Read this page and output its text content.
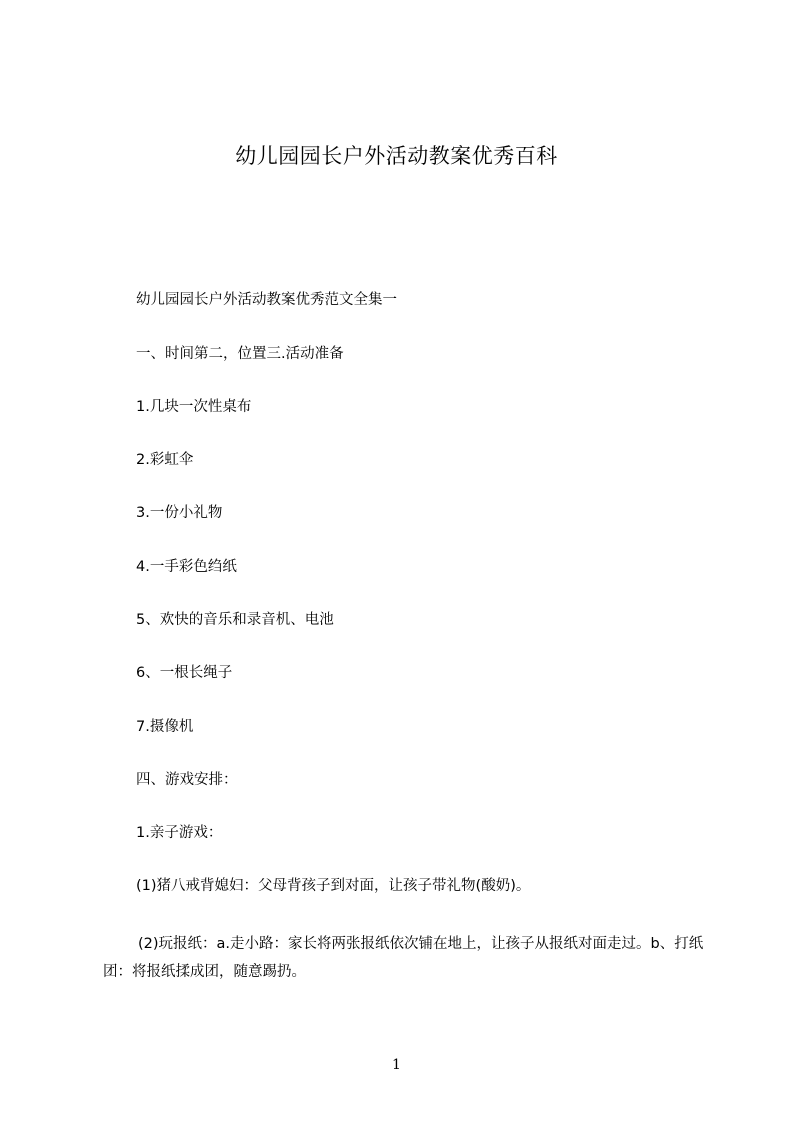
幼儿园园长户外活动教案优秀百科
幼儿园园长户外活动教案优秀范文全集一
一、时间第二，位置三.活动准备
1.几块一次性桌布
2.彩虹伞
3.一份小礼物
4.一手彩色绉纸
5、欢快的音乐和录音机、电池
6、一根长绳子
7.摄像机
四、游戏安排：
1.亲子游戏：
(1)猪八戒背媳妇：父母背孩子到对面，让孩子带礼物(酸奶)。
(2)玩报纸：a.走小路：家长将两张报纸依次铺在地上，让孩子从报纸对面走过。b、打纸团：将报纸揉成团，随意踢扔。
1
